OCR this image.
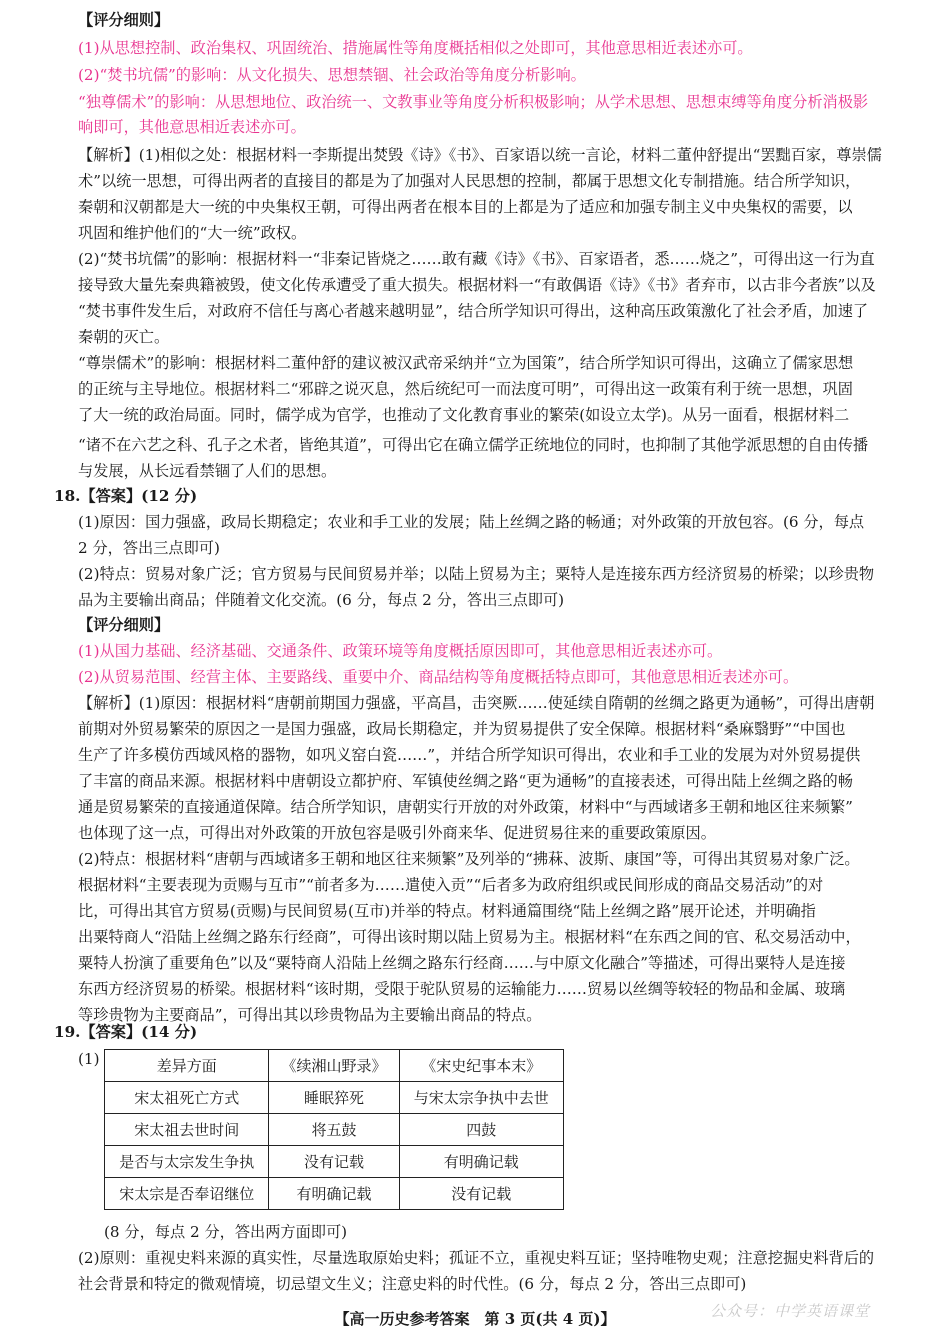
【评分细则】
(1)从思想控制、政治集权、巩固统治、措施属性等角度概括相似之处即可，其他意思相近表述亦可。
(2)“焚书坑儒”的影响：从文化损失、思想禁锢、社会政治等角度分析影响。
“独尊儒术”的影响：从思想地位、政治统一、文教事业等角度分析积极影响；从学术思想、思想束缚等角度分析消极影
响即可，其他意思相近表述亦可。
【解析】(1)相似之处：根据材料一李斯提出焚毁《诗》《书》、百家语以统一言论，材料二董仲舒提出“罢黜百家，尊崇儒
术”以统一思想，可得出两者的直接目的都是为了加强对人民思想的控制，都属于思想文化专制措施。结合所学知识，
秦朝和汉朝都是大一统的中央集权王朝，可得出两者在根本目的上都是为了适应和加强专制主义中央集权的需要，以
巩固和维护他们的“大一统”政权。
(2)“焚书坑儒”的影响：根据材料一“非秦记皆烧之……敢有藏《诗》《书》、百家语者，悉……烧之”，可得出这一行为直
接导致大量先秦典籍被毁，使文化传承遭受了重大损失。根据材料一“有敢偶语《诗》《书》者弃市，以古非今者族”以及
“焚书事件发生后，对政府不信任与离心者越来越明显”，结合所学知识可得出，这种高压政策激化了社会矛盾，加速了
秦朝的灭亡。
“尊崇儒术”的影响：根据材料二董仲舒的建议被汉武帝采纳并“立为国策”，结合所学知识可得出，这确立了儒家思想
的正统与主导地位。根据材料二“邪辟之说灭息，然后统纪可一而法度可明”，可得出这一政策有利于统一思想，巩固
了大一统的政治局面。同时，儒学成为官学，也推动了文化教育事业的繁荣(如设立太学)。从另一面看，根据材料二
“诸不在六艺之科、孔子之术者，皆绝其道”，可得出它在确立儒学正统地位的同时，也抑制了其他学派思想的自由传播
与发展，从长远看禁锢了人们的思想。
18.【答案】(12 分)
(1)原因：国力强盛，政局长期稳定；农业和手工业的发展；陆上丝绸之路的畅通；对外政策的开放包容。(6 分，每点
2 分，答出三点即可)
(2)特点：贸易对象广泛；官方贸易与民间贸易并举；以陆上贸易为主；粟特人是连接东西方经济贸易的桥梁；以珍贵物
品为主要输出商品；伴随着文化交流。(6 分，每点 2 分，答出三点即可)
【评分细则】
(1)从国力基础、经济基础、交通条件、政策环境等角度概括原因即可，其他意思相近表述亦可。
(2)从贸易范围、经营主体、主要路线、重要中介、商品结构等角度概括特点即可，其他意思相近表述亦可。
【解析】(1)原因：根据材料“唐朝前期国力强盛，平高昌，击突厥……使延续自隋朝的丝绸之路更为通畅”，可得出唐朝
前期对外贸易繁荣的原因之一是国力强盛，政局长期稳定，并为贸易提供了安全保障。根据材料“桑麻翳野”“中国也
生产了许多模仿西域风格的器物，如巩义窑白瓷……”，并结合所学知识可得出，农业和手工业的发展为对外贸易提供
了丰富的商品来源。根据材料中唐朝设立都护府、军镇使丝绸之路“更为通畅”的直接表述，可得出陆上丝绸之路的畅
通是贸易繁荣的直接通道保障。结合所学知识，唐朝实行开放的对外政策，材料中“与西域诸多王朝和地区往来频繁”
也体现了这一点，可得出对外政策的开放包容是吸引外商来华、促进贸易往来的重要政策原因。
(2)特点：根据材料“唐朝与西域诸多王朝和地区往来频繁”及列举的“拂菻、波斯、康国”等，可得出其贸易对象广泛。
根据材料“主要表现为贡赐与互市”“前者多为……遣使入贡”“后者多为政府组织或民间形成的商品交易活动”的对
比，可得出其官方贸易(贡赐)与民间贸易(互市)并举的特点。材料通篇围绕“陆上丝绸之路”展开论述，并明确指
出粟特商人“沿陆上丝绸之路东行经商”，可得出该时期以陆上贸易为主。根据材料“在东西之间的官、私交易活动中，
粟特人扮演了重要角色”以及“粟特商人沿陆上丝绸之路东行经商……与中原文化融合”等描述，可得出粟特人是连接
东西方经济贸易的桥梁。根据材料“该时期，受限于驼队贸易的运输能力……贸易以丝绸等较轻的物品和金属、玻璃
等珍贵物为主要商品”，可得出其以珍贵物品为主要输出商品的特点。
19.【答案】(14 分)
(1)	差异方面	《续湘山野录》	《宋史纪事本末》
宋太祖死亡方式	睡眠猝死	与宋太宗争执中去世
宋太祖去世时间	将五鼓	四鼓
是否与太宗发生争执	没有记载	有明确记载
宋太宗是否奉诏继位	有明确记载	没有记载
(8 分，每点 2 分，答出两方面即可)
(2)原则：重视史料来源的真实性，尽量选取原始史料；孤证不立，重视史料互证；坚持唯物史观；注意挖掘史料背后的
社会背景和特定的微观情境，切忌望文生义；注意史料的时代性。(6 分，每点 2 分，答出三点即可)
【高一历史参考答案　第 3 页(共 4 页)】	公众号：中学英语课堂
